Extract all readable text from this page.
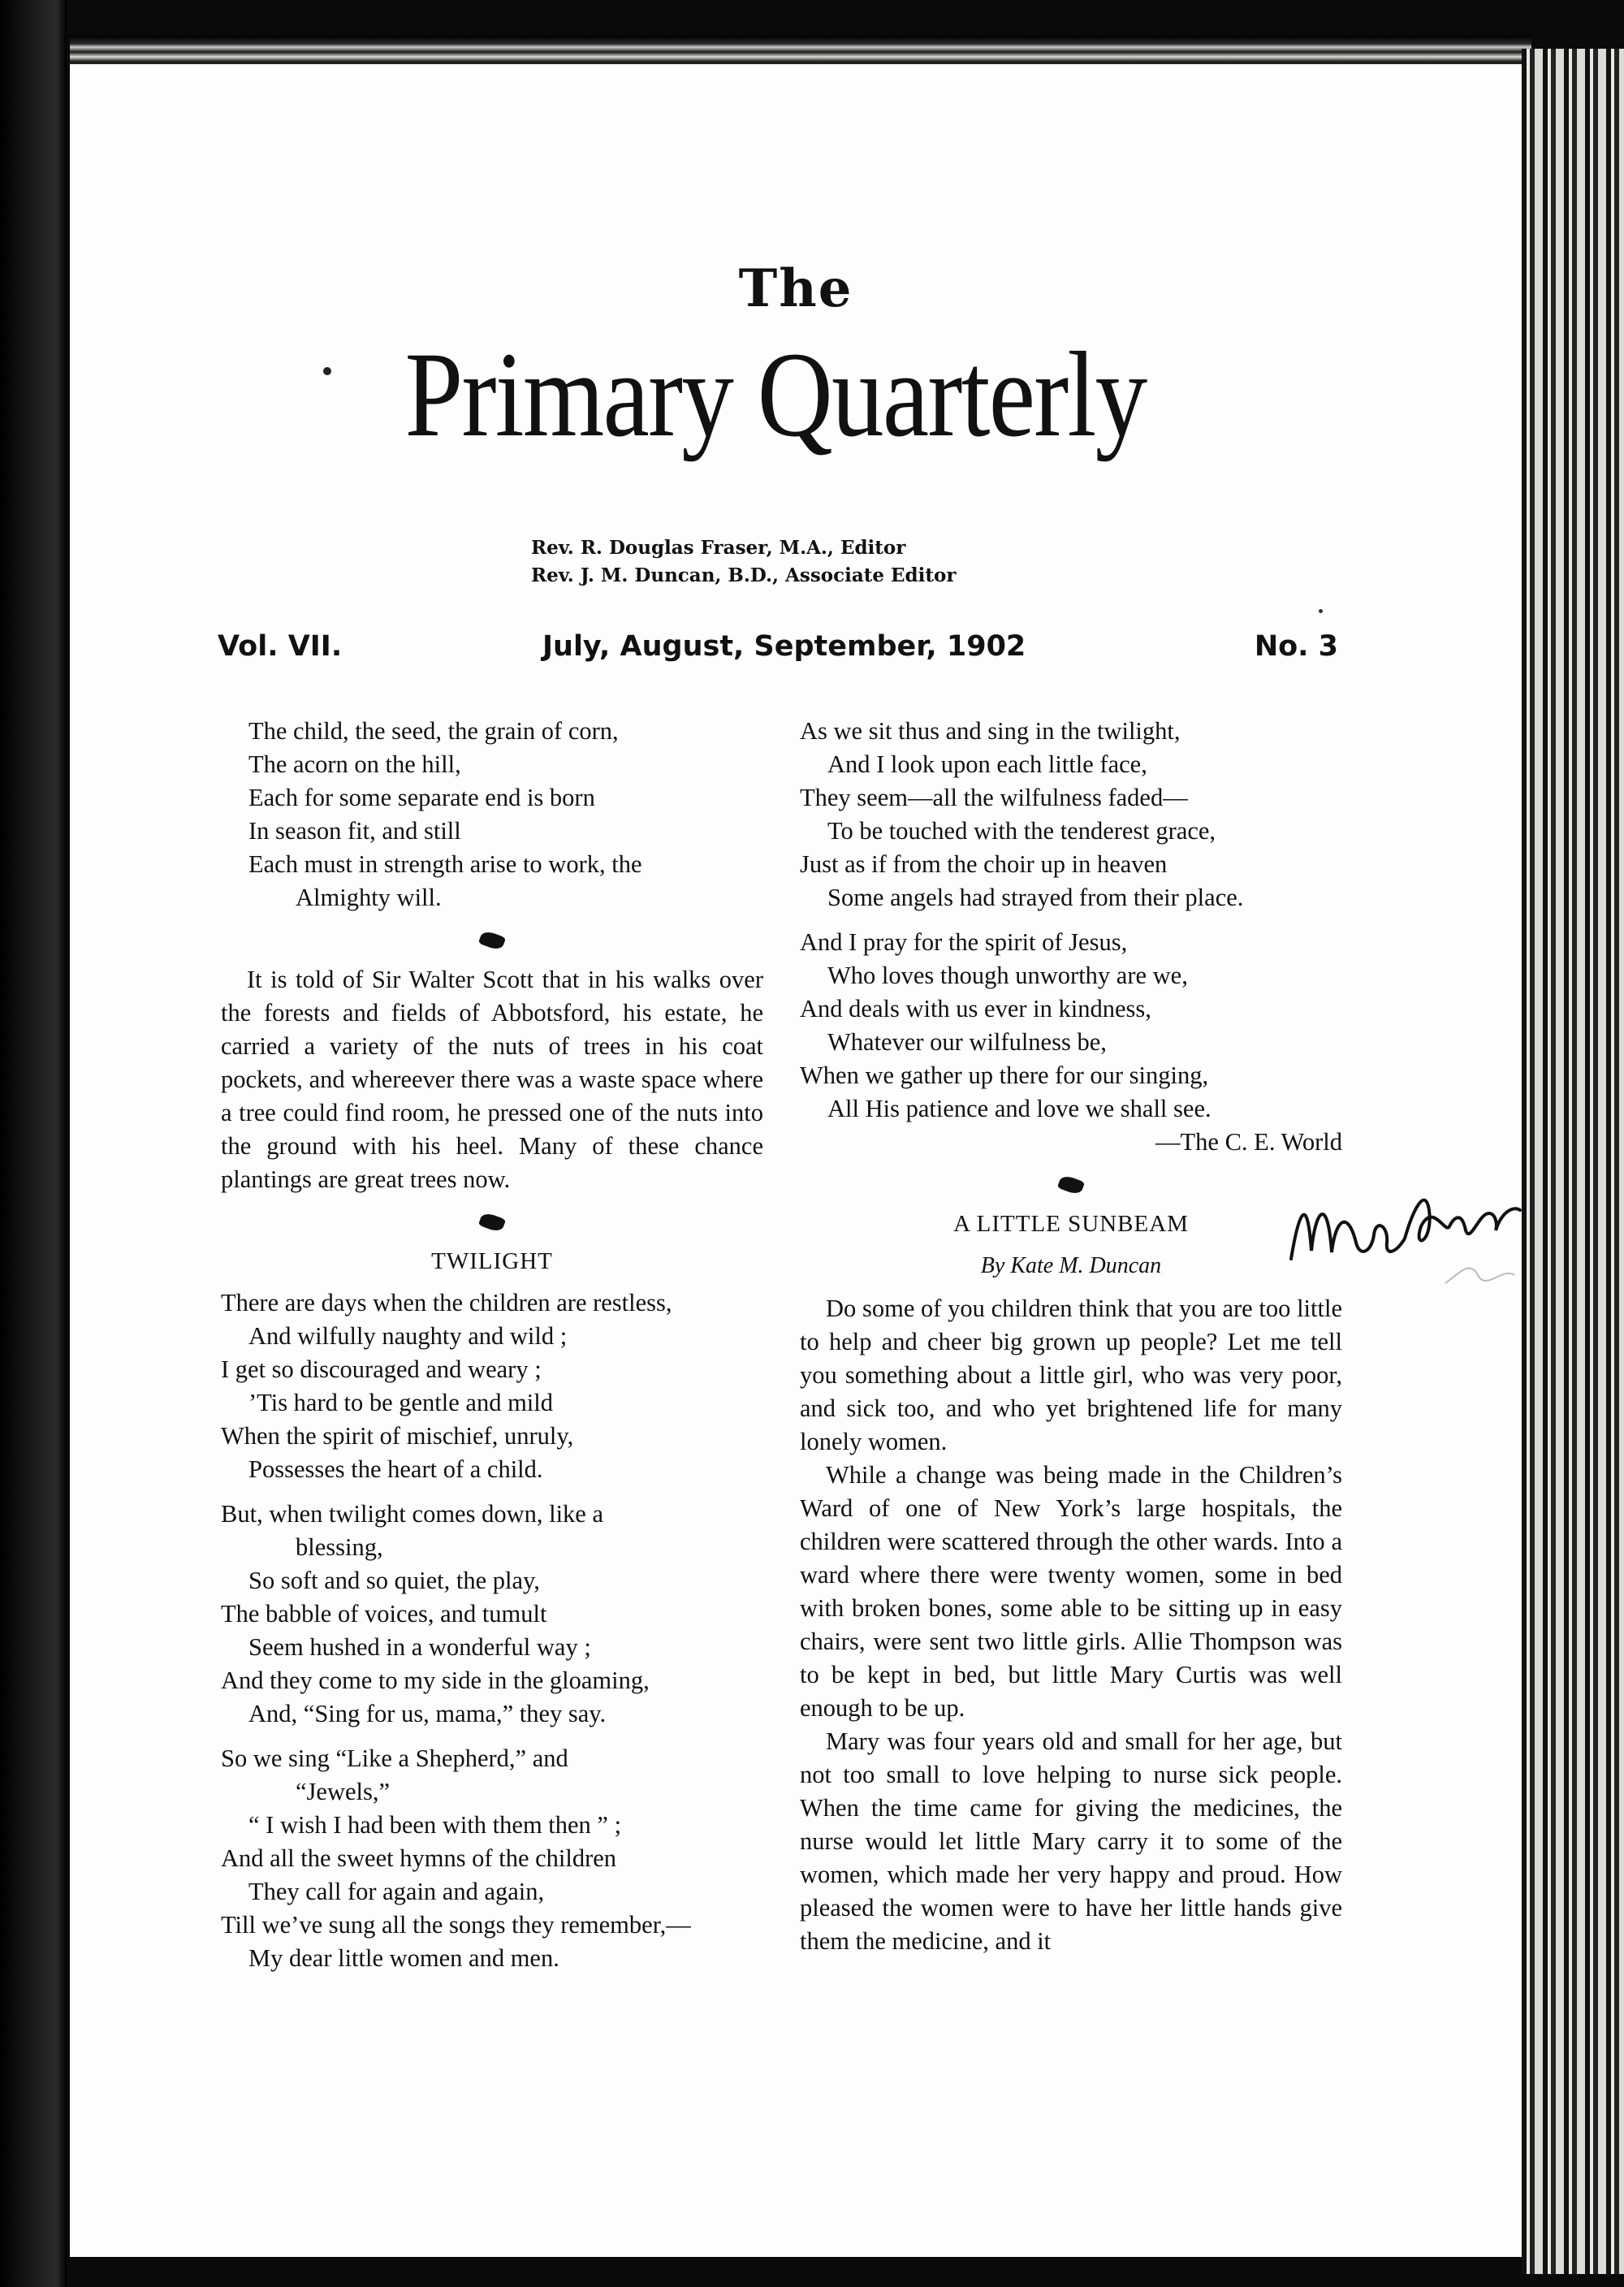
The
Primary Quarterly
Rev. R. Douglas Fraser, M.A., Editor
Rev. J. M. Duncan, B.D., Associate Editor
Vol. VII.	July, August, September, 1902	No. 3
The child, the seed, the grain of corn,
The acorn on the hill,
Each for some separate end is born
In season fit, and still
Each must in strength arise to work, the
Almighty will.

It is told of Sir Walter Scott that in his walks over the forests and fields of Abbotsford, his estate, he carried a variety of the nuts of trees in his coat pockets, and whereever there was a waste space where a tree could find room, he pressed one of the nuts into the ground with his heel. Many of these chance plantings are great trees now.

TWILIGHT
There are days when the children are restless,
And wilfully naughty and wild ;
I get so discouraged and weary ;
’Tis hard to be gentle and mild
When the spirit of mischief, unruly,
Possesses the heart of a child.
But, when twilight comes down, like a
blessing,
So soft and so quiet, the play,
The babble of voices, and tumult
Seem hushed in a wonderful way ;
And they come to my side in the gloaming,
And, “Sing for us, mama,” they say.
So we sing “Like a Shepherd,” and
“Jewels,”
“ I wish I had been with them then ” ;
And all the sweet hymns of the children
They call for again and again,
Till we’ve sung all the songs they remember,—
My dear little women and men.
As we sit thus and sing in the twilight,
And I look upon each little face,
They seem—all the wilfulness faded—
To be touched with the tenderest grace,
Just as if from the choir up in heaven
Some angels had strayed from their place.
And I pray for the spirit of Jesus,
Who loves though unworthy are we,
And deals with us ever in kindness,
Whatever our wilfulness be,
When we gather up there for our singing,
All His patience and love we shall see.
—The C. E. World
A LITTLE SUNBEAM
By Kate M. Duncan

Do some of you children think that you are too little to help and cheer big grown up people? Let me tell you something about a little girl, who was very poor, and sick too, and who yet brightened life for many lonely women.

While a change was being made in the Children’s Ward of one of New York’s large hospitals, the children were scattered through the other wards. Into a ward where there were twenty women, some in bed with broken bones, some able to be sitting up in easy chairs, were sent two little girls. Allie Thompson was to be kept in bed, but little Mary Curtis was well enough to be up.

Mary was four years old and small for her age, but not too small to love helping to nurse sick people. When the time came for giving the medicines, the nurse would let little Mary carry it to some of the women, which made her very happy and proud. How pleased the women were to have her little hands give them the medicine, and it
